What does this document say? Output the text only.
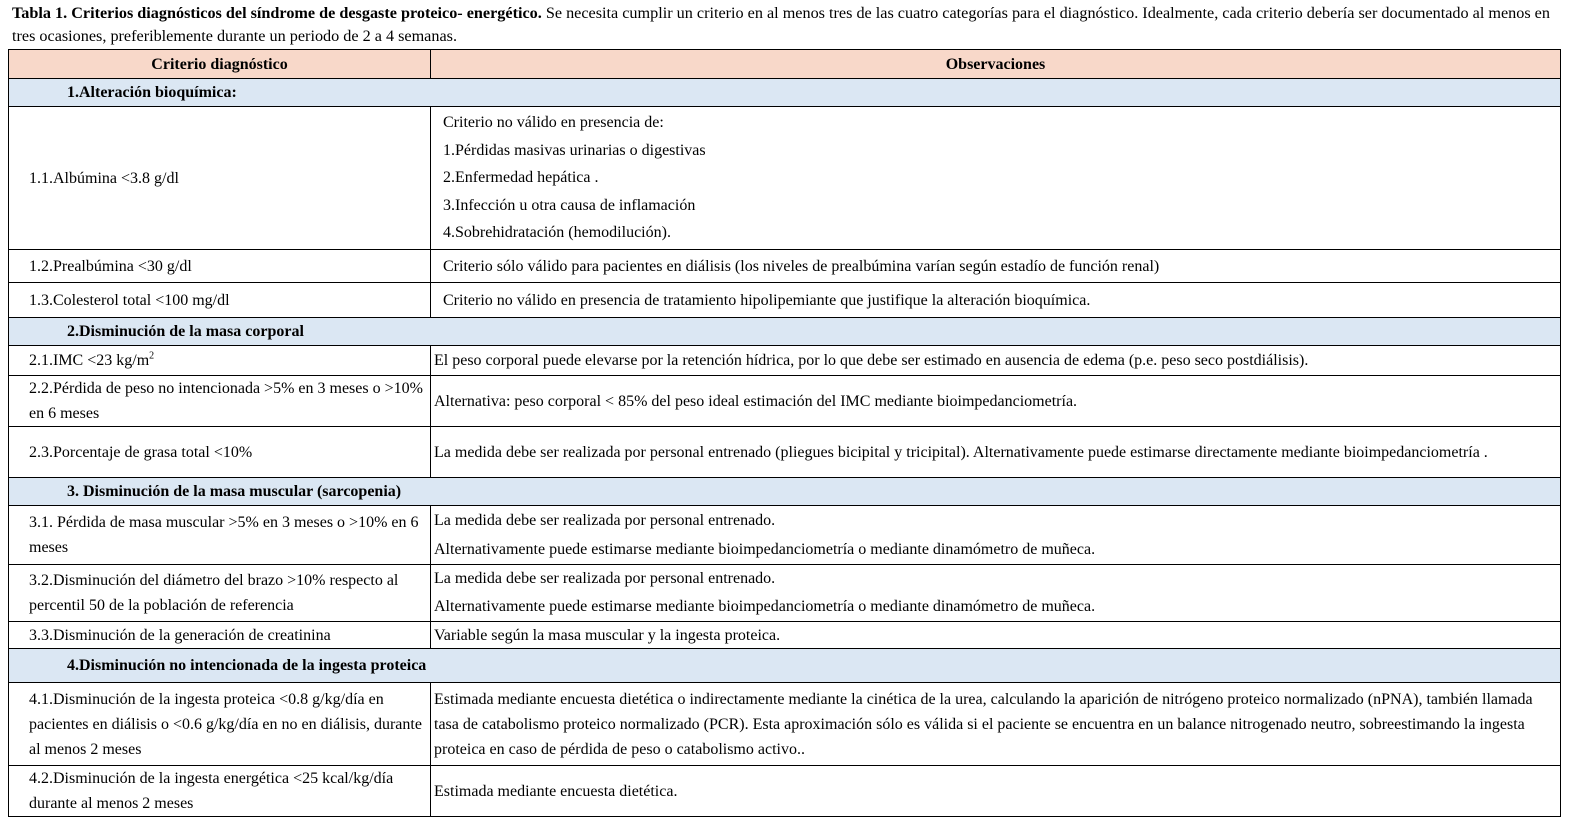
Tabla 1. Criterios diagnósticos del síndrome de desgaste proteico- energético. Se necesita cumplir un criterio en al menos tres de las cuatro categorías para el diagnóstico. Idealmente, cada criterio debería ser documentado al menos en tres ocasiones, preferiblemente durante un periodo de 2 a 4 semanas.
Criterio diagnóstico	Observaciones
1.Alteración bioquímica:	
1.1.Albúmina <3.8 g/dl	Criterio no válido en presencia de:
1.Pérdidas masivas urinarias o digestivas
2.Enfermedad hepática .
3.Infección u otra causa de inflamación
4.Sobrehidratación (hemodilución).

1.2.Prealbúmina <30 g/dl	Criterio sólo válido para pacientes en diálisis (los niveles de prealbúmina varían según estadío de función renal)
1.3.Colesterol total <100 mg/dl	Criterio no válido en presencia de tratamiento hipolipemiante que justifique la alteración bioquímica.
2.Disminución de la masa corporal	
2.1.IMC <23 $kg/m^2$	El peso corporal puede elevarse por la retención hídrica, por lo que debe ser estimado en ausencia de edema (p.e. peso seco postdiálisis).
2.2.Pérdida de peso no intencionada >5% en 3 meses o >10% en 6 meses	Alternativa: peso corporal < 85% del peso ideal estimación del IMC mediante bioimpedanciometría.
2.3.Porcentaje de grasa total <10%	La medida debe ser realizada por personal entrenado (pliegues bicipital y tricipital). Alternativamente puede estimarse directamente mediante bioimpedanciometría .
3. Disminución de la masa muscular (sarcopenia)	
3.1. Pérdida de masa muscular >5% en 3 meses o >10% en 6 meses	La medida debe ser realizada por personal entrenado.
Alternativamente puede estimarse mediante bioimpedanciometría o mediante dinamómetro de muñeca.

3.2.Disminución del diámetro del brazo >10% respecto al percentil 50 de la población de referencia	La medida debe ser realizada por personal entrenado.
Alternativamente puede estimarse mediante bioimpedanciometría o mediante dinamómetro de muñeca.

3.3.Disminución de la generación de creatinina	Variable según la masa muscular y la ingesta proteica.
4.Disminución no intencionada de la ingesta proteica	
4.1.Disminución de la ingesta proteica <0.8 g/kg/día en pacientes en diálisis o <0.6 g/kg/día en no en diálisis, durante al menos 2 meses	Estimada mediante encuesta dietética o indirectamente mediante la cinética de la urea, calculando la aparición de nitrógeno proteico normalizado (nPNA), también llamada tasa de catabolismo proteico normalizado (PCR). Esta aproximación sólo es válida si el paciente se encuentra en un balance nitrogenado neutro, sobreestimando la ingesta proteica en caso de pérdida de peso o catabolismo activo..
4.2.Disminución de la ingesta energética <25 kcal/kg/día durante al menos 2 meses	Estimada mediante encuesta dietética.
